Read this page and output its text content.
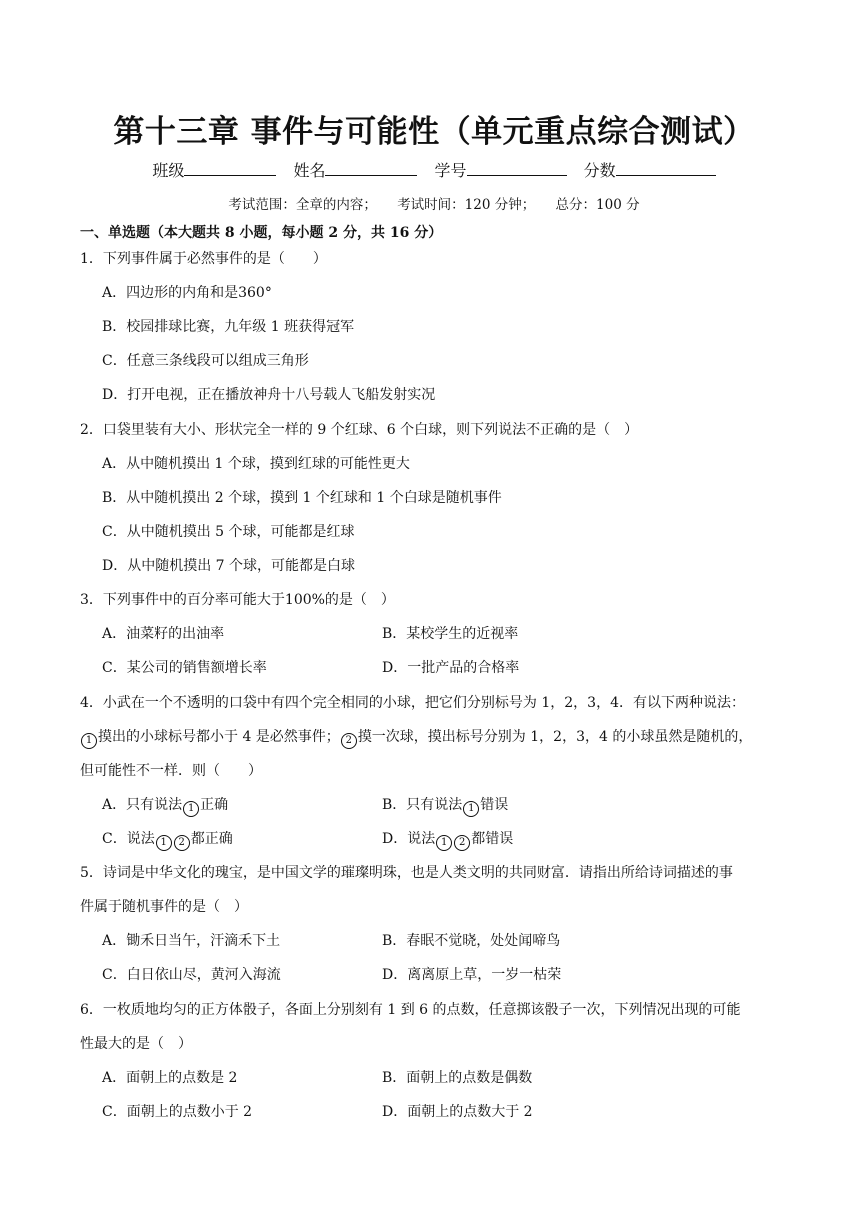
第十三章 事件与可能性（单元重点综合测试）
班级	姓名	学号	分数
考试范围：全章的内容； 考试时间：120 分钟； 总分：100 分
一、单选题（本大题共 8 小题，每小题 2 分，共 16 分）
1．下列事件属于必然事件的是（　　）
A．四边形的内角和是360°
B．校园排球比赛，九年级 1 班获得冠军
C．任意三条线段可以组成三角形
D．打开电视，正在播放神舟十八号载人飞船发射实况
2．口袋里装有大小、形状完全一样的 9 个红球、6 个白球，则下列说法不正确的是（　）
A．从中随机摸出 1 个球，摸到红球的可能性更大
B．从中随机摸出 2 个球，摸到 1 个红球和 1 个白球是随机事件
C．从中随机摸出 5 个球，可能都是红球
D．从中随机摸出 7 个球，可能都是白球
3．下列事件中的百分率可能大于100%的是（　）
A．油菜籽的出油率	B．某校学生的近视率
C．某公司的销售额增长率	D．一批产品的合格率
4．小武在一个不透明的口袋中有四个完全相同的小球，把它们分别标号为 1，2，3，4．有以下两种说法：
1 摸出的小球标号都小于 4 是必然事件； 2 摸一次球，摸出标号分别为 1，2，3，4 的小球虽然是随机的，
但可能性不一样．则（　　）
A．只有说法 1 正确	B．只有说法 1 错误
C．说法 1 2 都正确	D．说法 1 2 都错误
5．诗词是中华文化的瑰宝，是中国文学的璀璨明珠，也是人类文明的共同财富．请指出所给诗词描述的事
件属于随机事件的是（　）
A．锄禾日当午，汗滴禾下土	B．春眠不觉晓，处处闻啼鸟
C．白日依山尽，黄河入海流	D．离离原上草，一岁一枯荣
6．一枚质地均匀的正方体骰子，各面上分别刻有 1 到 6 的点数，任意掷该骰子一次，下列情况出现的可能
性最大的是（　）
A．面朝上的点数是 2	B．面朝上的点数是偶数
C．面朝上的点数小于 2	D．面朝上的点数大于 2
